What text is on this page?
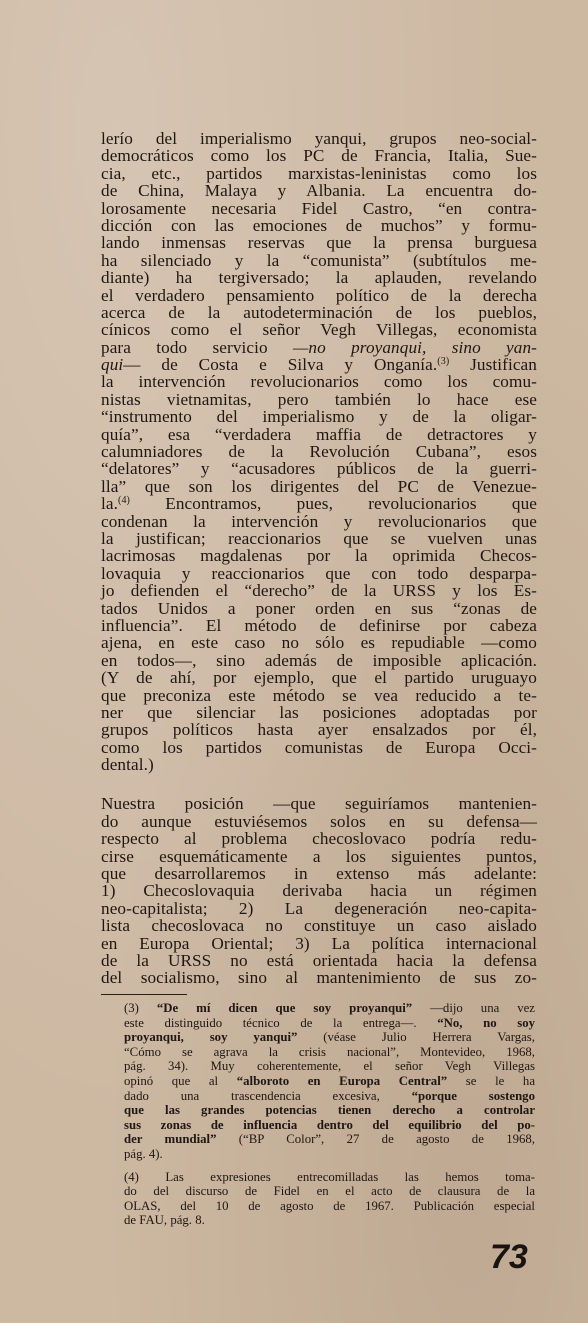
lerío del imperialismo yanqui, grupos neo-social-
democráticos como los PC de Francia, Italia, Sue-
cia, etc., partidos marxistas-leninistas como los
de China, Malaya y Albania. La encuentra do-
lorosamente necesaria Fidel Castro, “en contra-
dicción con las emociones de muchos” y formu-
lando inmensas reservas que la prensa burguesa
ha silenciado y la “comunista” (subtítulos me-
diante) ha tergiversado; la aplauden, revelando
el verdadero pensamiento político de la derecha
acerca de la autodeterminación de los pueblos,
cínicos como el señor Vegh Villegas, economista
para todo servicio —no proyanqui, sino yan-
qui— de Costa e Silva y Onganía.$^{(3)}$ Justifican
la intervención revolucionarios como los comu-
nistas vietnamitas, pero también lo hace ese
“instrumento del imperialismo y de la oligar-
quía”, esa “verdadera maffia de detractores y
calumniadores de la Revolución Cubana”, esos
“delatores” y “acusadores públicos de la guerri-
lla” que son los dirigentes del PC de Venezue-
la.$^{(4)}$ Encontramos, pues, revolucionarios que
condenan la intervención y revolucionarios que
la justifican; reaccionarios que se vuelven unas
lacrimosas magdalenas por la oprimida Checos-
lovaquia y reaccionarios que con todo desparpa-
jo defienden el “derecho” de la URSS y los Es-
tados Unidos a poner orden en sus “zonas de
influencia”. El método de definirse por cabeza
ajena, en este caso no sólo es repudiable —como
en todos—, sino además de imposible aplicación.
(Y de ahí, por ejemplo, que el partido uruguayo
que preconiza este método se vea reducido a te-
ner que silenciar las posiciones adoptadas por
grupos políticos hasta ayer ensalzados por él,
como los partidos comunistas de Europa Occi-
dental.)
Nuestra posición —que seguiríamos mantenien-
do aunque estuviésemos solos en su defensa—
respecto al problema checoslovaco podría redu-
cirse esquemáticamente a los siguientes puntos,
que desarrollaremos in extenso más adelante:
1) Checoslovaquia derivaba hacia un régimen
neo-capitalista; 2) La degeneración neo-capita-
lista checoslovaca no constituye un caso aislado
en Europa Oriental; 3) La política internacional
de la URSS no está orientada hacia la defensa
del socialismo, sino al mantenimiento de sus zo-
(3) “De mí dicen que soy proyanqui” —dijo una vez
este distinguido técnico de la entrega—. “No, no soy
proyanqui, soy yanqui” (véase Julio Herrera Vargas,
“Cómo se agrava la crisis nacional”, Montevideo, 1968,
pág. 34). Muy coherentemente, el señor Vegh Villegas
opinó que al “alboroto en Europa Central” se le ha
dado una trascendencia excesiva, “porque sostengo
que las grandes potencias tienen derecho a controlar
sus zonas de influencia dentro del equilibrio del po-
der mundial” (“BP Color”, 27 de agosto de 1968,
pág. 4).
(4) Las expresiones entrecomilladas las hemos toma-
do del discurso de Fidel en el acto de clausura de la
OLAS, del 10 de agosto de 1967. Publicación especial
de FAU, pág. 8.
73
